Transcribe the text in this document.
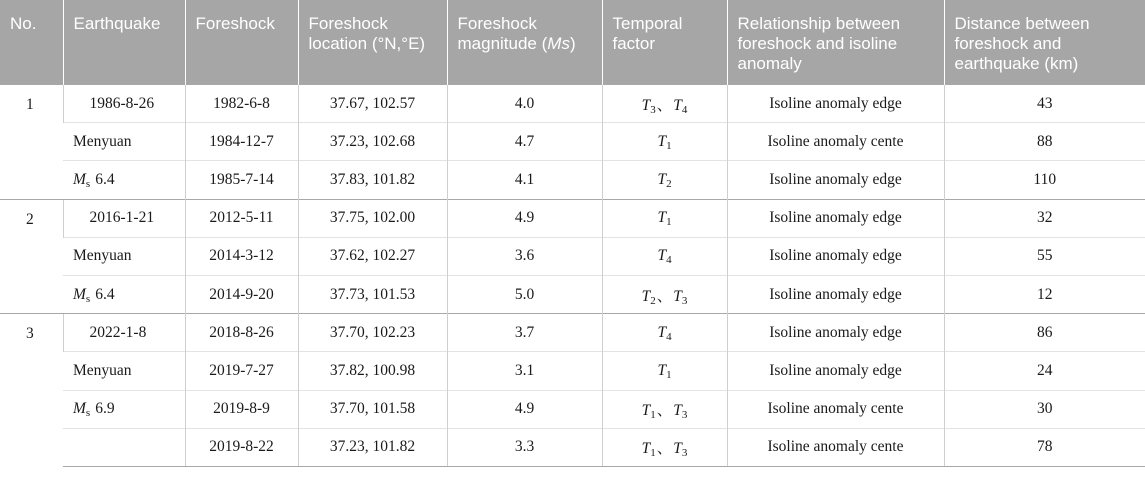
No.	Earthquake	Foreshock	Foreshock location (°N,°E)	Foreshock magnitude (Ms)	Temporal factor	Relationship between foreshock and isoline anomaly	Distance between foreshock and earthquake (km)
1	1986-8-26	1982-6-8	37.67, 102.57	4.0	$T_3$、$T_4$	Isoline anomaly edge	43
	Menyuan	1984-12-7	37.23, 102.68	4.7	$T_1$	Isoline anomaly cente	88
	$M_s$ 6.4	1985-7-14	37.83, 101.82	4.1	$T_2$	Isoline anomaly edge	110
2	2016-1-21	2012-5-11	37.75, 102.00	4.9	$T_1$	Isoline anomaly edge	32
	Menyuan	2014-3-12	37.62, 102.27	3.6	$T_4$	Isoline anomaly edge	55
	$M_s$ 6.4	2014-9-20	37.73, 101.53	5.0	$T_2$、$T_3$	Isoline anomaly edge	12
3	2022-1-8	2018-8-26	37.70, 102.23	3.7	$T_4$	Isoline anomaly edge	86
	Menyuan	2019-7-27	37.82, 100.98	3.1	$T_1$	Isoline anomaly edge	24
	$M_s$ 6.9	2019-8-9	37.70, 101.58	4.9	$T_1$、$T_3$	Isoline anomaly cente	30
		2019-8-22	37.23, 101.82	3.3	$T_1$、$T_3$	Isoline anomaly cente	78
